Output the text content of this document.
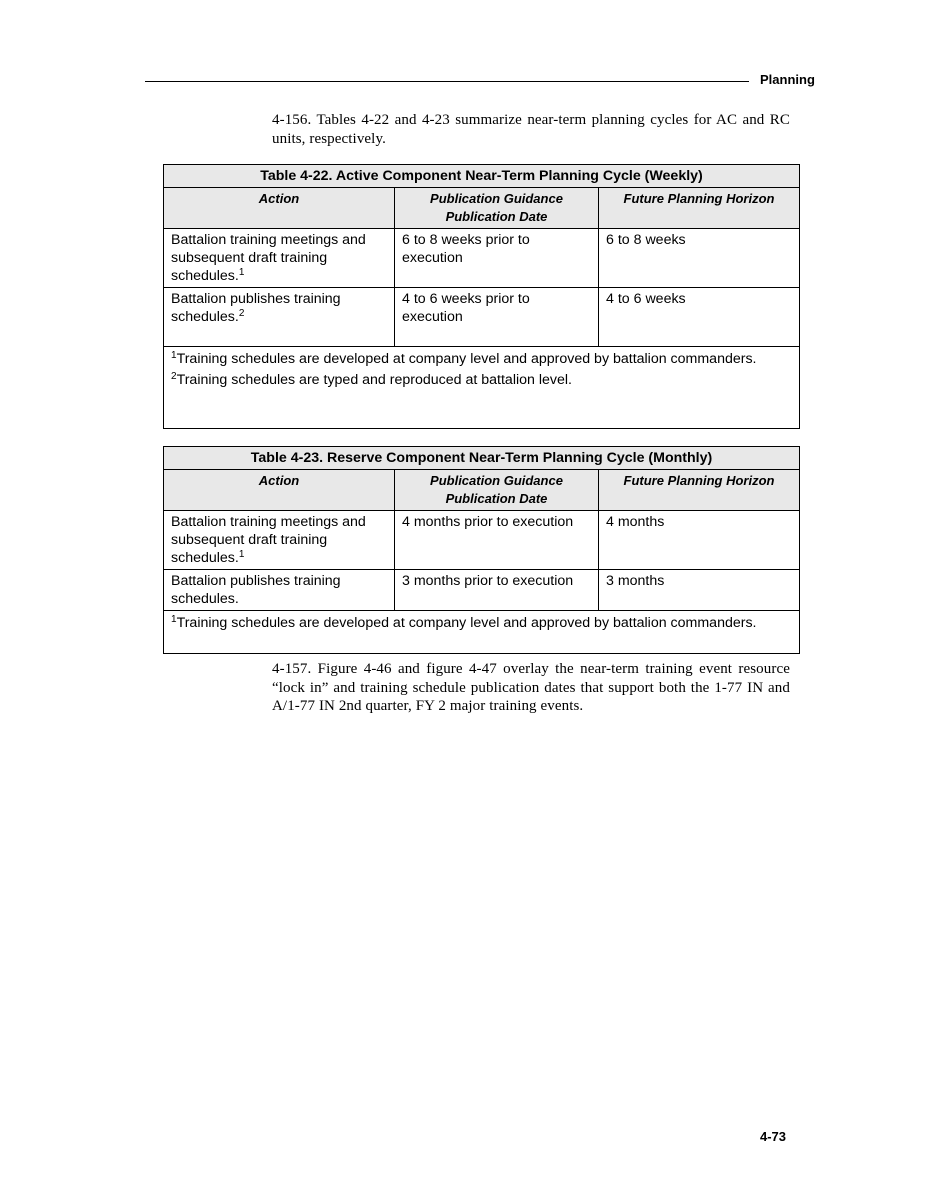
Planning
4-156. Tables 4-22 and 4-23 summarize near-term planning cycles for AC and RC units, respectively.
Table 4-22. Active Component Near-Term Planning Cycle (Weekly)		
Action	Publication Guidance Publication Date	Future Planning Horizon
Battalion training meetings and subsequent draft training schedules.$^1$	6 to 8 weeks prior to execution	6 to 8 weeks
Battalion publishes training schedules.$^2$	4 to 6 weeks prior to execution	4 to 6 weeks

$^1$Training schedules are developed at company level and approved by battalion commanders.
$^2$Training schedules are typed and reproduced at battalion level.		
Table 4-23. Reserve Component Near-Term Planning Cycle (Monthly)		
Action	Publication Guidance Publication Date	Future Planning Horizon
Battalion training meetings and subsequent draft training schedules.$^1$	4 months prior to execution	4 months
Battalion publishes training schedules.	3 months prior to execution	3 months

$^1$Training schedules are developed at company level and approved by battalion commanders.		
4-157. Figure 4-46 and figure 4-47 overlay the near-term training event resource “lock in” and training schedule publication dates that support both the 1-77 IN and A/1-77 IN 2nd quarter, FY 2 major training events.
4-73
